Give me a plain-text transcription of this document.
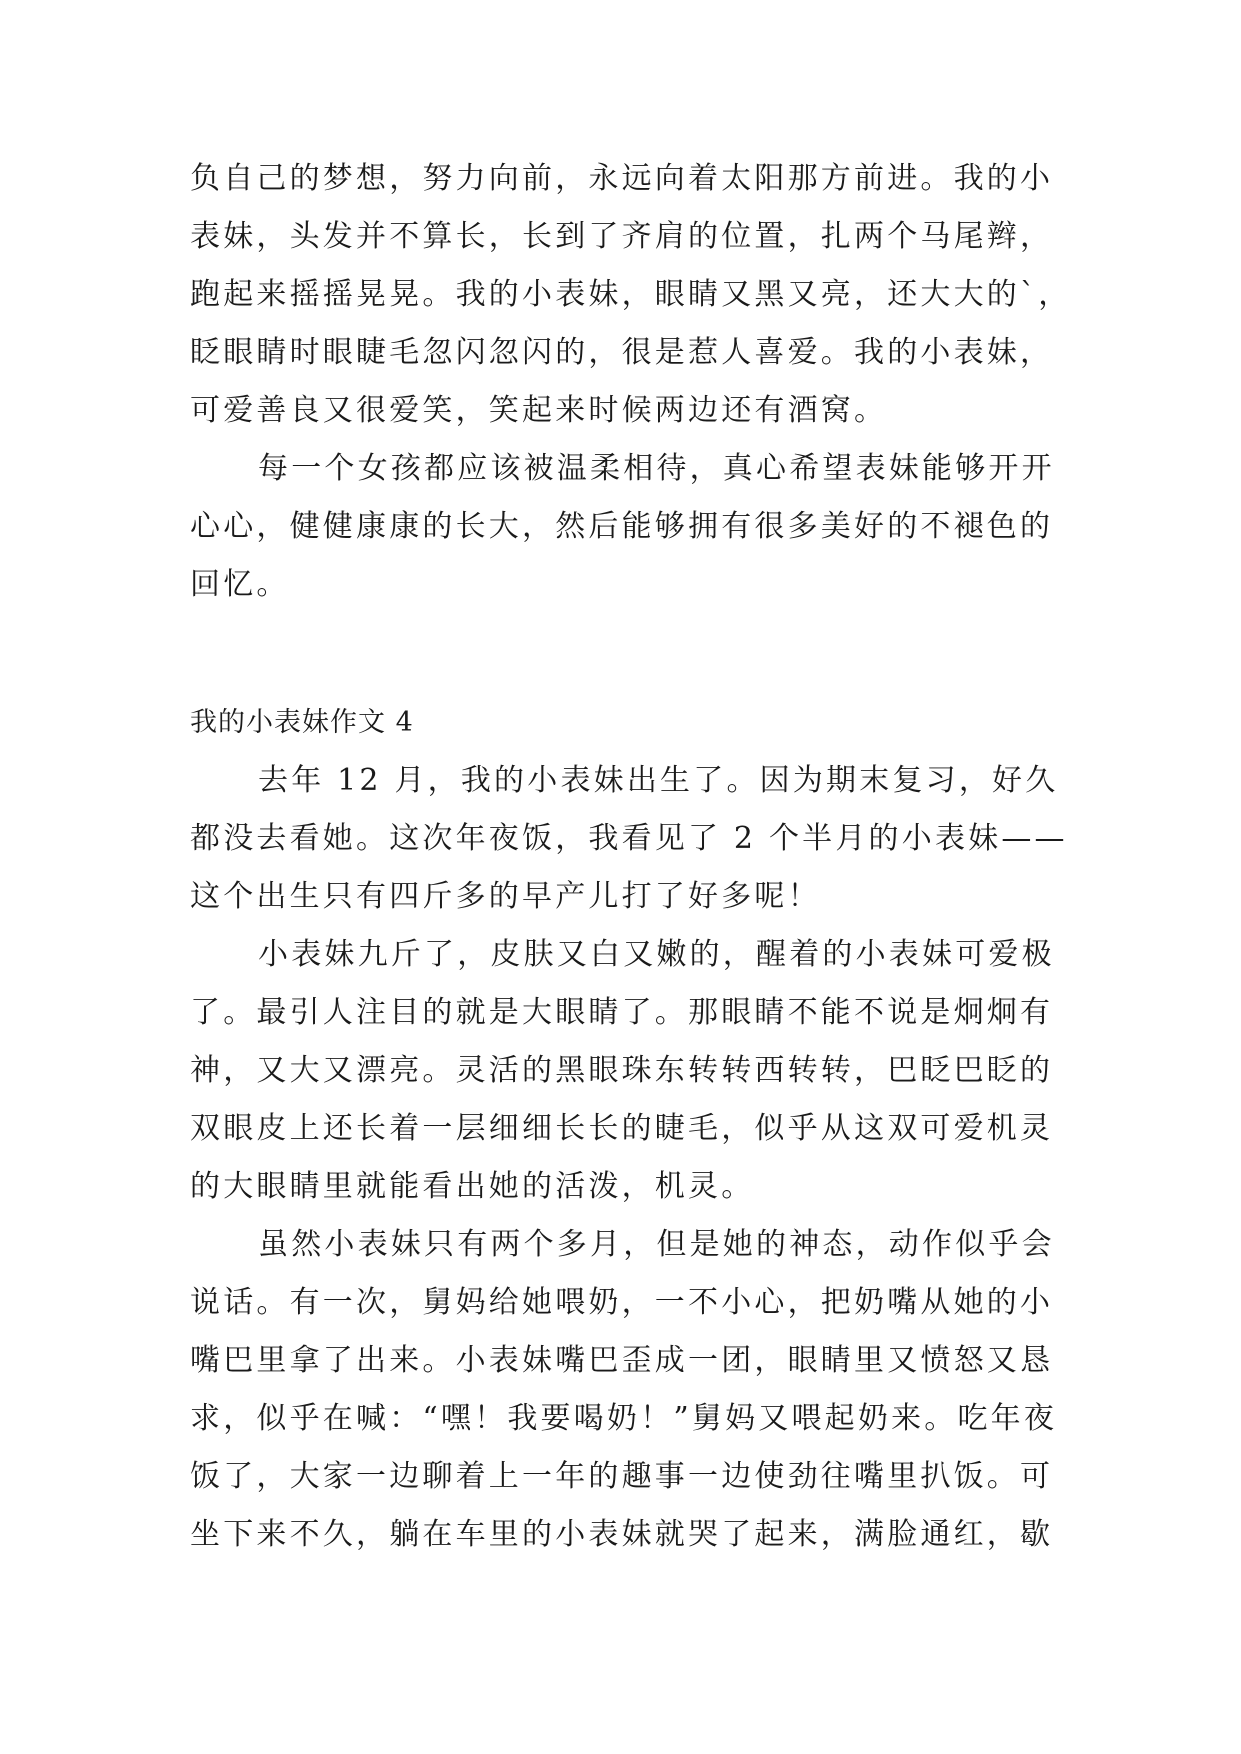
负自己的梦想，努力向前，永远向着太阳那方前进。我的小
表妹，头发并不算长，长到了齐肩的位置，扎两个马尾辫，
跑起来摇摇晃晃。我的小表妹，眼睛又黑又亮，还大大的`，
眨眼睛时眼睫毛忽闪忽闪的，很是惹人喜爱。我的小表妹，
可爱善良又很爱笑，笑起来时候两边还有酒窝。
每一个女孩都应该被温柔相待，真心希望表妹能够开开
心心，健健康康的长大，然后能够拥有很多美好的不褪色的
回忆。
我的小表妹作文 4
去年 12 月，我的小表妹出生了。因为期末复习，好久
都没去看她。这次年夜饭，我看见了 2 个半月的小表妹——
这个出生只有四斤多的早产儿打了好多呢！
小表妹九斤了，皮肤又白又嫩的，醒着的小表妹可爱极
了。最引人注目的就是大眼睛了。那眼睛不能不说是炯炯有
神，又大又漂亮。灵活的黑眼珠东转转西转转，巴眨巴眨的
双眼皮上还长着一层细细长长的睫毛，似乎从这双可爱机灵
的大眼睛里就能看出她的活泼，机灵。
虽然小表妹只有两个多月，但是她的神态，动作似乎会
说话。有一次，舅妈给她喂奶，一不小心，把奶嘴从她的小
嘴巴里拿了出来。小表妹嘴巴歪成一团，眼睛里又愤怒又恳
求，似乎在喊：“嘿！我要喝奶！”舅妈又喂起奶来。吃年夜
饭了，大家一边聊着上一年的趣事一边使劲往嘴里扒饭。可
坐下来不久，躺在车里的小表妹就哭了起来，满脸通红，歇
